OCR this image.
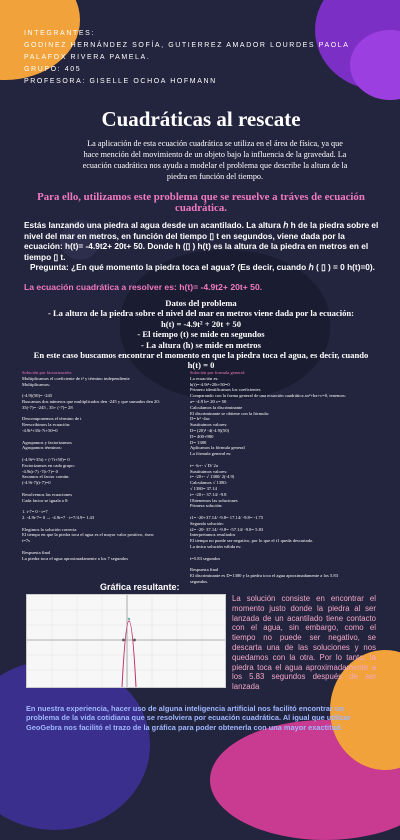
INTEGRANTES:
GODINEZ HERNÁNDEZ SOFÍA, GUTIERREZ AMADOR LOURDES PAOLA
PALAFOX RIVERA PAMELA.
GRUPO: 405
PROFESORA: GISELLE OCHOA HOFMANN
Cuadráticas al rescate
La aplicación de esta ecuación cuadrática se utiliza en el área de física, ya que hace mención del movimiento de un objeto bajo la influencia de la gravedad. La ecuación cuadrática nos ayuda a modelar el problema que describe la altura de la piedra en función del tiempo.
Para ello, utilizamos este problema que se resuelve a tráves de ecuación cuadrática.
Estás lanzando una piedra al agua desde un acantilado. La altura ℎ h de la piedra sobre el nivel del mar en metros, en función del tiempo ▯ t en segundos, viene dada por la ecuación: h(t)= -4.9t2+ 20t+ 50. Donde h (▯ ) h(t) es la altura de la piedra en metros en el tiempo ▯ t.
Pregunta: ¿En qué momento la piedra toca el agua? (Es decir, cuando ℎ ( ▯ ) = 0 h(t)=0).
La ecuación cuadrática a resolver es: h(t)= -4.9t2+ 20t+ 50.
Datos del problema
- La altura de la piedra sobre el nivel del mar en metros viene dada por la ecuación:
h(t) = -4.9t² + 20t + 50
- El tiempo (t) se mide en segundos
- La altura (h) se mide en metros
En este caso buscamos encontrar el momento en que la piedra toca el agua, es decir, cuando h(t) = 0
Solución por factorización:
Multiplicamos el coeficiente de t² y término independiente
Multiplicamos:

(-4.9)(50)= -245
Buscamos dos números que multiplicados den -245 y que sumados den 20:
35(-7)= -245 , 35+ (-7)= 28

Descomponemos el término de t
Reescribimos la ecuación:
-4.9t²+35t-7t+50=0

Agrupamos y factorizamos
Agrupamos términos:

(-4.9t²+35t) + (-7t+50)= 0
Factorizamos en cada grupo:
-4.9t(t-7) -7(t-7)= 0
Sacamos el factor común:
(-4.9t-7)(t-7)=0

Resolvemos las ecuaciones
Cada factor se iguala a 0:

1. t-7= 0 - t=7
2. -4.9t-7= 0 → -4.9t=7 · t=7/4.9= 1.43

Elegimos la solución correcta
El tiempo en que la piedra toca el agua es el mayor valor positivo, ósea:
t=7s

Respuesta final
La piedra toca el agua aproximadamente a los 7 segundos
Solución por formula general:
La ecuación es:
h(t)=-4.9t²+20t+50=0
Primero identificamos los coeficientes
Comparando con la forma general de una ecuación cuadrática ax²+bx+c=0, tenemos:
a= -4.9 b= 20 c= 50
Calculamos la discriminante
El discriminante se obtiene con la fórmula:
D= b² -4ac
Sustituimos valores:
D= (20)² -4(-4.9)(50)
D= 400+980
D= 1380
Aplicamos la fórmula general
La fórmula general es:

t= -b+- √ D/ 2a
Sustituimos valores:
t= -20+- √ 1380/ 2(-4.9)
Calculamos √ 1380:
√ 1380= 37.14
t= -20+- 37.14/ -9.8
Obtenemos las soluciones
Primera solución:

t1= -20+37.14/ -9.8= 17.14/ -9.8= -1.75
Segunda solución:
t2= -20- 37.14/ -9.8= -57.14/ -9.8= 5.83
Interpretamos resultados
El tiempo no puede ser negativo, por lo que el t1 queda descartado.
La única solución válida es:

t=5.83 segundos

Respuesta final
El discriminante es D=1380 y la piedra toca el agua aproximadamente a los 5.83
segundos.
Gráfica resultante:
La solución consiste en encontrar el momento justo donde la piedra al ser lanzada de un acantilado tiene contacto con el agua, sin embargo, como el tiempo no puede ser negativo, se descarta una de las soluciones y nos quedamos con la otra. Por lo tanto, la piedra toca el agua aproximadamente a los 5.83 segundos después de ser lanzada
En nuestra experiencia, hacer uso de alguna inteligencia artificial nos facilitó encontrar un problema de la vida cotidiana que se resolviera por ecuación cuadrática. Al igual que utilizar GeoGebra nos facilitó el trazo de la gráfica para poder obtenerla con una mayor exactitud.
